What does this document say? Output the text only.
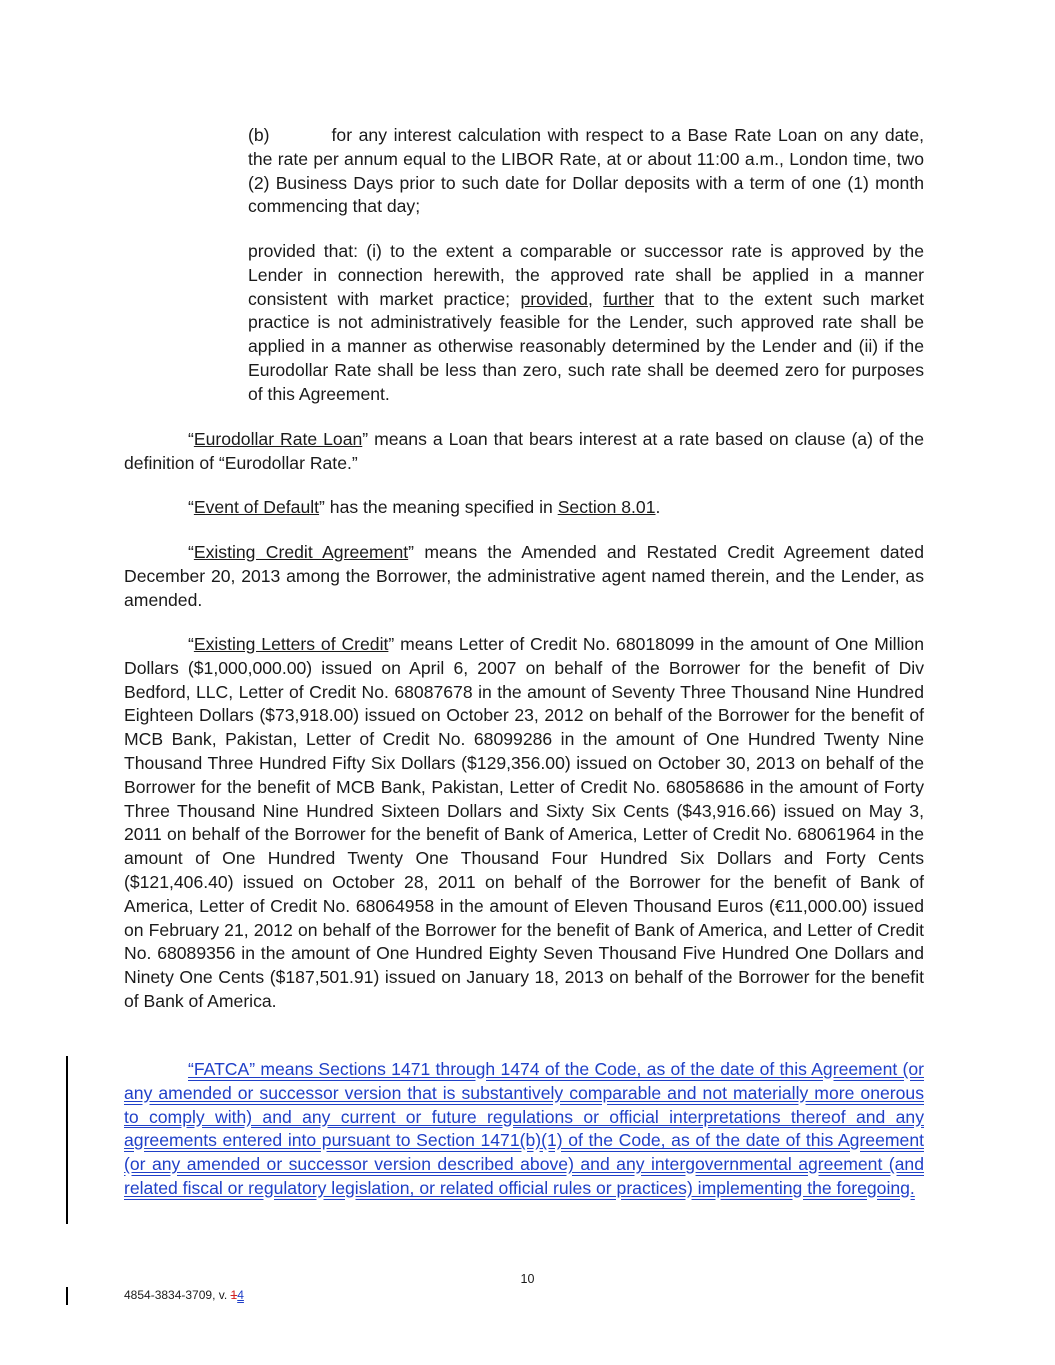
(b)	for any interest calculation with respect to a Base Rate Loan on any date, the rate per annum equal to the LIBOR Rate, at or about 11:00 a.m., London time, two (2) Business Days prior to such date for Dollar deposits with a term of one (1) month commencing that day;

provided that: (i) to the extent a comparable or successor rate is approved by the Lender in connection herewith, the approved rate shall be applied in a manner consistent with market practice; provided, further that to the extent such market practice is not administratively feasible for the Lender, such approved rate shall be applied in a manner as otherwise reasonably determined by the Lender and (ii) if the Eurodollar Rate shall be less than zero, such rate shall be deemed zero for purposes of this Agreement.

“Eurodollar Rate Loan” means a Loan that bears interest at a rate based on clause (a) of the definition of “Eurodollar Rate.”

“Event of Default” has the meaning specified in Section 8.01.

“Existing Credit Agreement” means the Amended and Restated Credit Agreement dated December 20, 2013 among the Borrower, the administrative agent named therein, and the Lender, as amended.

“Existing Letters of Credit” means Letter of Credit No. 68018099 in the amount of One Million Dollars ($1,000,000.00) issued on April 6, 2007 on behalf of the Borrower for the benefit of Div Bedford, LLC, Letter of Credit No. 68087678 in the amount of Seventy Three Thousand Nine Hundred Eighteen Dollars ($73,918.00) issued on October 23, 2012 on behalf of the Borrower for the benefit of MCB Bank, Pakistan, Letter of Credit No. 68099286 in the amount of One Hundred Twenty Nine Thousand Three Hundred Fifty Six Dollars ($129,356.00) issued on October 30, 2013 on behalf of the Borrower for the benefit of MCB Bank, Pakistan, Letter of Credit No. 68058686 in the amount of Forty Three Thousand Nine Hundred Sixteen Dollars and Sixty Six Cents ($43,916.66) issued on May 3, 2011 on behalf of the Borrower for the benefit of Bank of America, Letter of Credit No. 68061964 in the amount of One Hundred Twenty One Thousand Four Hundred Six Dollars and Forty Cents ($121,406.40) issued on October 28, 2011 on behalf of the Borrower for the benefit of Bank of America, Letter of Credit No. 68064958 in the amount of Eleven Thousand Euros (€11,000.00) issued on February 21, 2012 on behalf of the Borrower for the benefit of Bank of America, and Letter of Credit No. 68089356 in the amount of One Hundred Eighty Seven Thousand Five Hundred One Dollars and Ninety One Cents ($187,501.91) issued on January 18, 2013 on behalf of the Borrower for the benefit of Bank of America.

“FATCA” means Sections 1471 through 1474 of the Code, as of the date of this Agreement (or any amended or successor version that is substantively comparable and not materially more onerous to comply with) and any current or future regulations or official interpretations thereof and any agreements entered into pursuant to Section 1471(b)(1) of the Code, as of the date of this Agreement (or any amended or successor version described above) and any intergovernmental agreement (and related fiscal or regulatory legislation, or related official rules or practices) implementing the foregoing.

10
4854-3834-3709, v. 14
